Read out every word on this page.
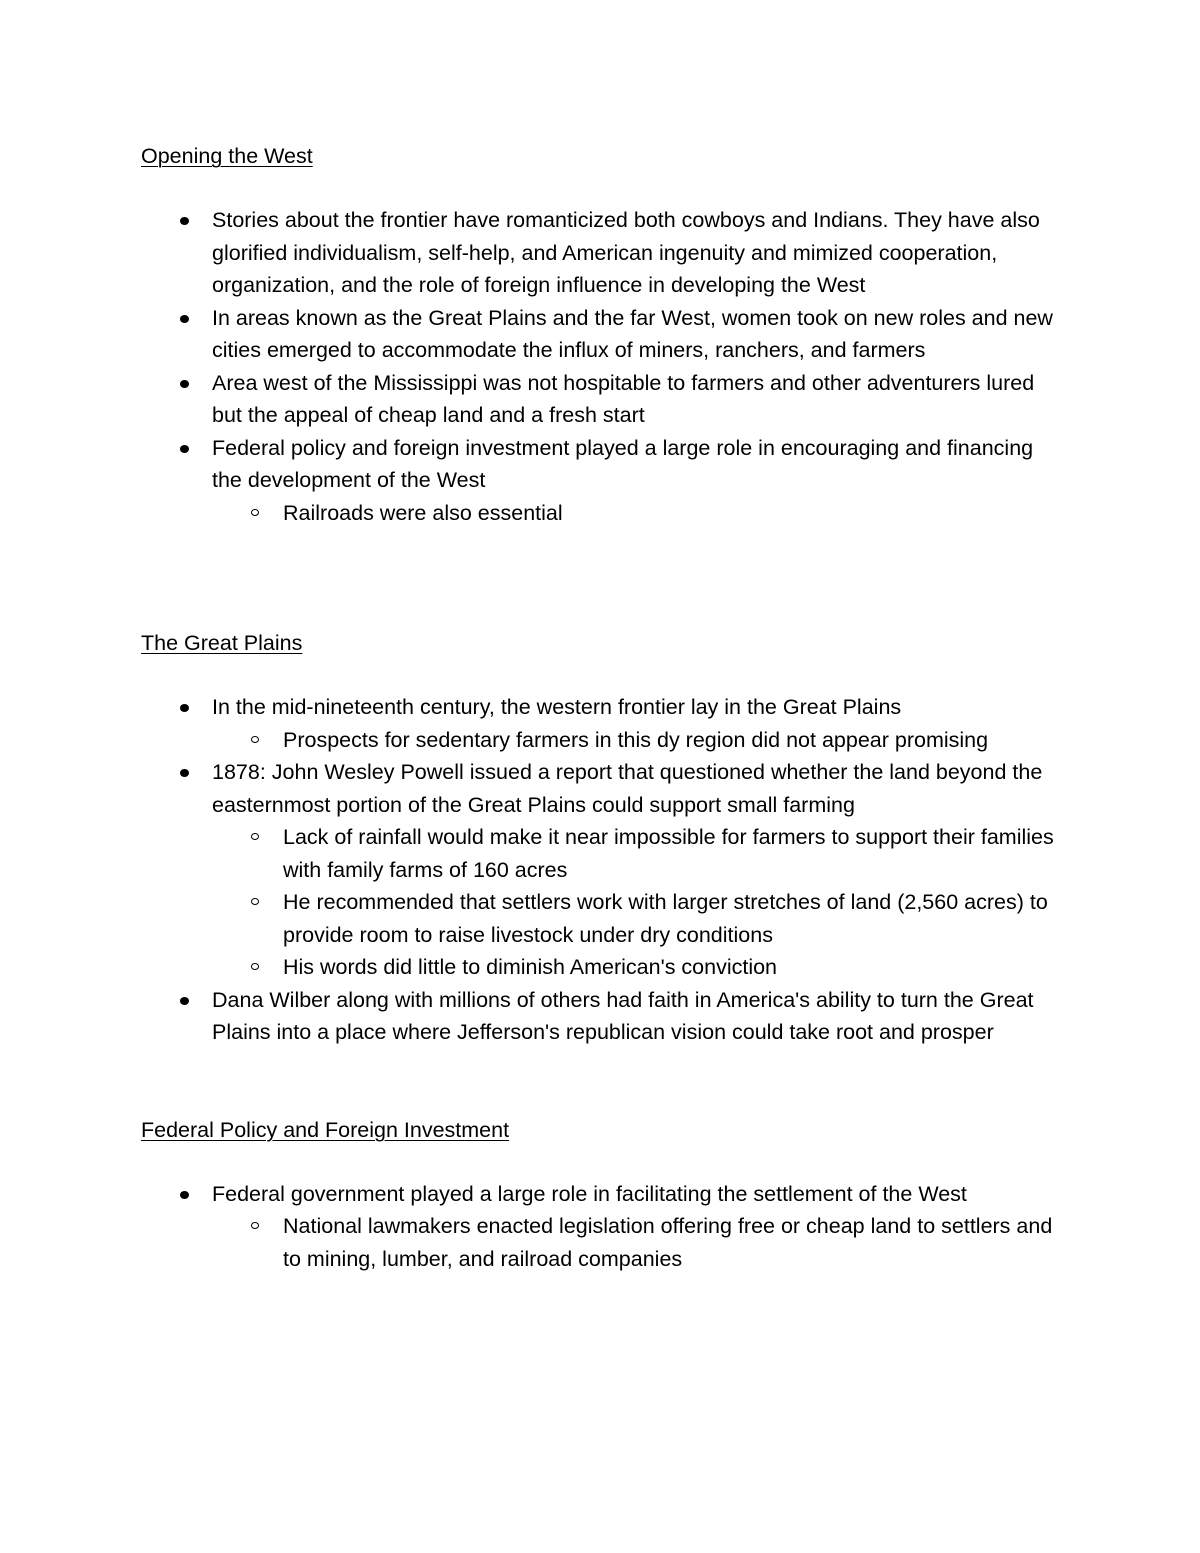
Opening the West
Stories about the frontier have romanticized both cowboys and Indians. They have also glorified individualism, self-help, and American ingenuity and mimized cooperation, organization, and the role of foreign influence in developing the West
In areas known as the Great Plains and the far West, women took on new roles and new cities emerged to accommodate the influx of miners, ranchers, and farmers
Area west of the Mississippi was not hospitable to farmers and other adventurers lured but the appeal of cheap land and a fresh start
Federal policy and foreign investment played a large role in encouraging and financing the development of the West
Railroads were also essential
The Great Plains
In the mid-nineteenth century, the western frontier lay in the Great Plains
Prospects for sedentary farmers in this dy region did not appear promising
1878: John Wesley Powell issued a report that questioned whether the land beyond the easternmost portion of the Great Plains could support small farming
Lack of rainfall would make it near impossible for farmers to support their families with family farms of 160 acres
He recommended that settlers work with larger stretches of land (2,560 acres) to provide room to raise livestock under dry conditions
His words did little to diminish American's conviction
Dana Wilber along with millions of others had faith in America's ability to turn the Great Plains into a place where Jefferson's republican vision could take root and prosper
Federal Policy and Foreign Investment
Federal government played a large role in facilitating the settlement of the West
National lawmakers enacted legislation offering free or cheap land to settlers and to mining, lumber, and railroad companies
